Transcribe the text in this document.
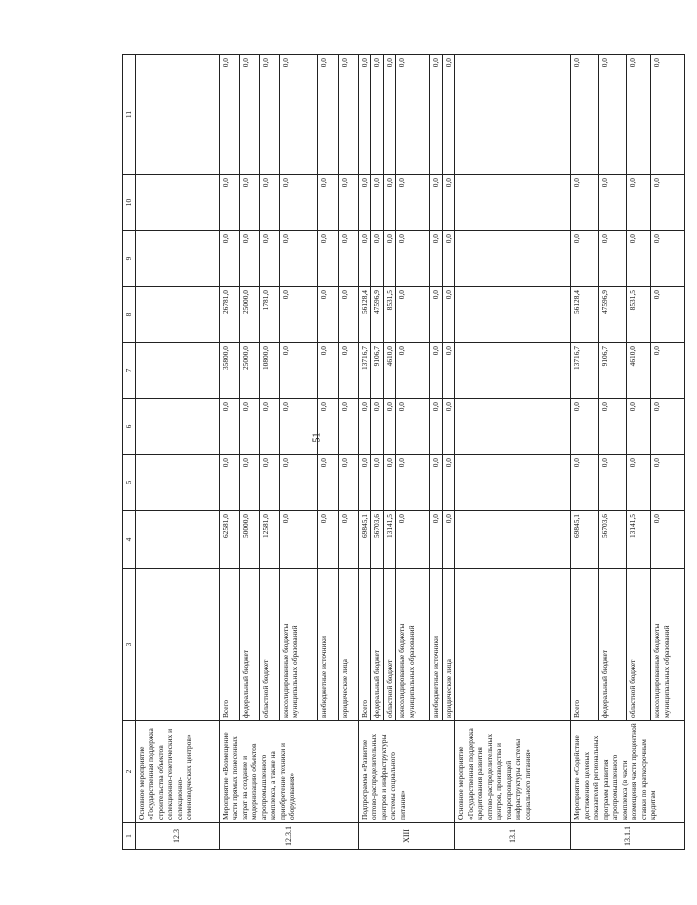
51
1	2	3	4	5	6	7	8	9	10	11
12.3	Основное мероприятие «Государственная поддержка строительства объектов селекционно-генетических и селекционно-семеноводческих центров»									
12.3.1	Мероприятие «Возмещение части прямых понесенных затрат на создание и модернизацию объектов агропромышленного комплекса, а также на приобретение техники и оборудования»	Всего	62581,0	0,0	0,0	35800,0	26781,0	0,0	0,0	0,0
		федеральный бюджет	50000,0	0,0	0,0	25000,0	25000,0	0,0	0,0	0,0
		областной бюджет	12581,0	0,0	0,0	10800,0	1781,0	0,0	0,0	0,0
		консолидированные бюджеты муниципальных образований	0,0	0,0	0,0	0,0	0,0	0,0	0,0	0,0
		внебюджетные источники	0,0	0,0	0,0	0,0	0,0	0,0	0,0	0,0
		юридические лица	0,0	0,0	0,0	0,0	0,0	0,0	0,0	0,0
XIII	Подпрограмма «Развитие оптово-распределительных центров и инфраструктуры системы социального питания»	Всего	69845,1	0,0	0,0	13716,7	56128,4	0,0	0,0	0,0
		федеральный бюджет	56703,6	0,0	0,0	9106,7	47596,9	0,0	0,0	0,0
		областной бюджет	13141,5	0,0	0,0	4610,0	8531,5	0,0	0,0	0,0
		консолидированные бюджеты муниципальных образований	0,0	0,0	0,0	0,0	0,0	0,0	0,0	0,0
		внебюджетные источники	0,0	0,0	0,0	0,0	0,0	0,0	0,0	0,0
		юридические лица	0,0	0,0	0,0	0,0	0,0	0,0	0,0	0,0
13.1	Основное мероприятие «Государственная поддержка кредитования развития оптово-распределительных центров, производства и товаропроводящей инфраструктуры системы социального питания»									
13.1.1	Мероприятие «Содействие достижению целевых показателей региональных программ развития агропромышленного комплекса (в части возмещения части процентной ставки по краткосрочным кредитам	Всего	69845,1	0,0	0,0	13716,7	56128,4	0,0	0,0	0,0
		федеральный бюджет	56703,6	0,0	0,0	9106,7	47596,9	0,0	0,0	0,0
		областной бюджет	13141,5	0,0	0,0	4610,0	8531,5	0,0	0,0	0,0
		консолидированные бюджеты муниципальных образований	0,0	0,0	0,0	0,0	0,0	0,0	0,0	0,0
